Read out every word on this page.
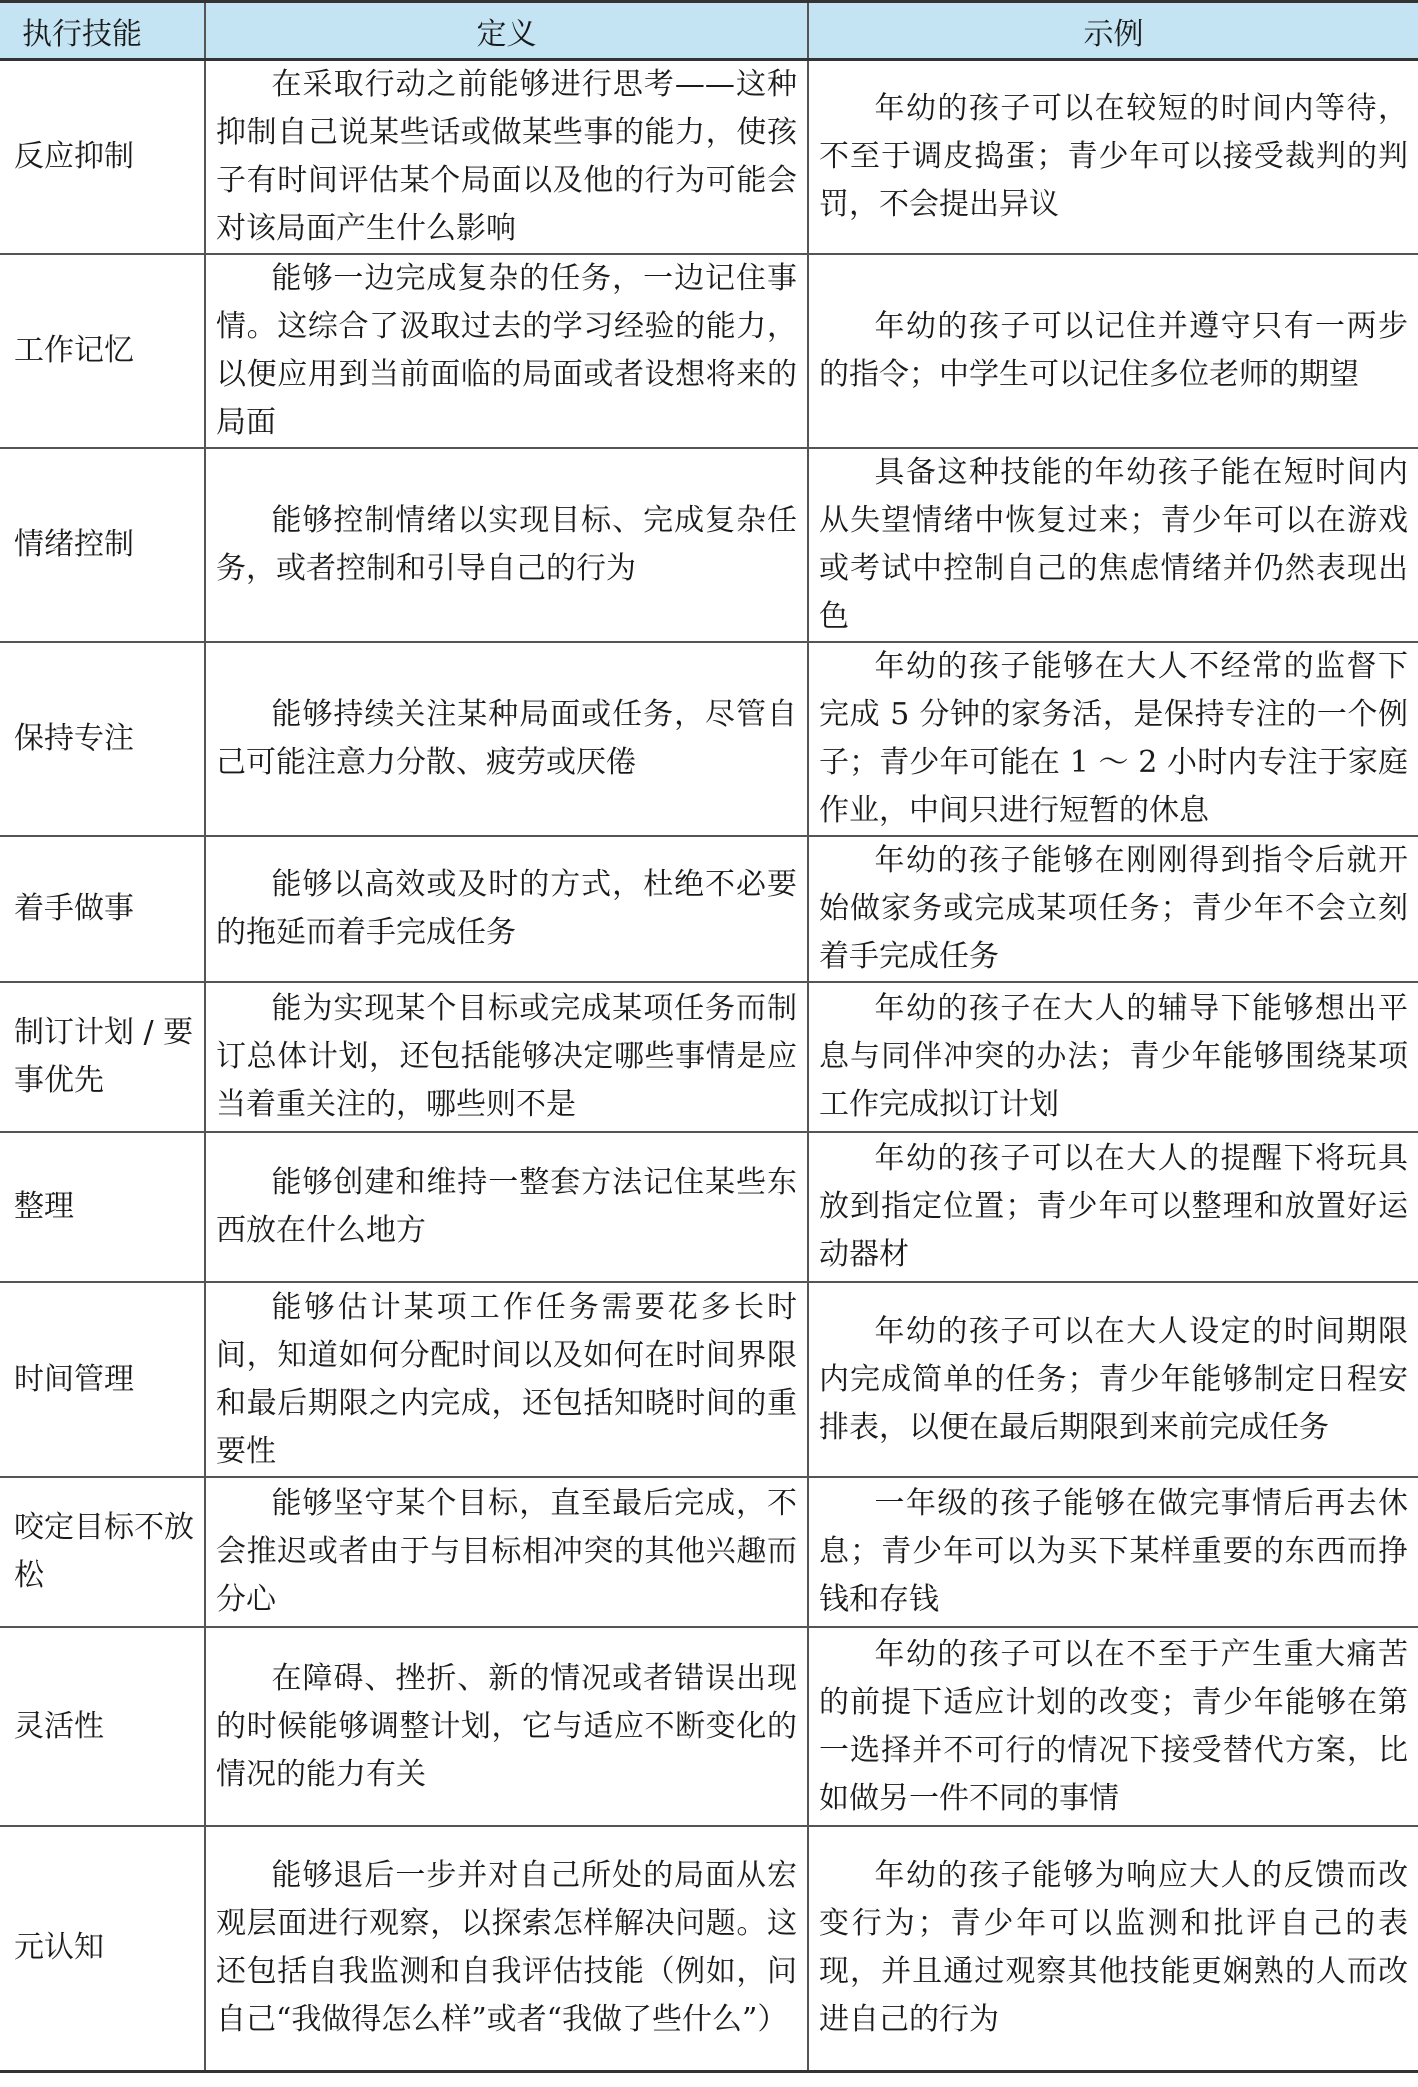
执行技能	定义	示例
反应抑制	在采取行动之前能够进行思考——这种抑制自己说某些话或做某些事的能力，使孩子有时间评估某个局面以及他的行为可能会对该局面产生什么影响	年幼的孩子可以在较短的时间内等待，不至于调皮捣蛋；青少年可以接受裁判的判罚，不会提出异议

工作记忆	能够一边完成复杂的任务，一边记住事情。这综合了汲取过去的学习经验的能力，以便应用到当前面临的局面或者设想将来的局面	年幼的孩子可以记住并遵守只有一两步的指令；中学生可以记住多位老师的期望

情绪控制	能够控制情绪以实现目标、完成复杂任务，或者控制和引导自己的行为	具备这种技能的年幼孩子能在短时间内从失望情绪中恢复过来；青少年可以在游戏或考试中控制自己的焦虑情绪并仍然表现出色

保持专注	能够持续关注某种局面或任务，尽管自己可能注意力分散、疲劳或厌倦	年幼的孩子能够在大人不经常的监督下完成 5 分钟的家务活，是保持专注的一个例子；青少年可能在 1 ～ 2 小时内专注于家庭作业，中间只进行短暂的休息

着手做事	能够以高效或及时的方式，杜绝不必要的拖延而着手完成任务	年幼的孩子能够在刚刚得到指令后就开始做家务或完成某项任务；青少年不会立刻着手完成任务

制订计划 / 要事优先	能为实现某个目标或完成某项任务而制订总体计划，还包括能够决定哪些事情是应当着重关注的，哪些则不是	年幼的孩子在大人的辅导下能够想出平息与同伴冲突的办法；青少年能够围绕某项工作完成拟订计划

整理	能够创建和维持一整套方法记住某些东西放在什么地方	年幼的孩子可以在大人的提醒下将玩具放到指定位置；青少年可以整理和放置好运动器材

时间管理	能够估计某项工作任务需要花多长时间，知道如何分配时间以及如何在时间界限和最后期限之内完成，还包括知晓时间的重要性	年幼的孩子可以在大人设定的时间期限内完成简单的任务；青少年能够制定日程安排表，以便在最后期限到来前完成任务

咬定目标不放松	能够坚守某个目标，直至最后完成，不会推迟或者由于与目标相冲突的其他兴趣而分心	一年级的孩子能够在做完事情后再去休息；青少年可以为买下某样重要的东西而挣钱和存钱

灵活性	在障碍、挫折、新的情况或者错误出现的时候能够调整计划，它与适应不断变化的情况的能力有关	年幼的孩子可以在不至于产生重大痛苦的前提下适应计划的改变；青少年能够在第一选择并不可行的情况下接受替代方案，比如做另一件不同的事情

元认知	能够退后一步并对自己所处的局面从宏观层面进行观察，以探索怎样解决问题。这还包括自我监测和自我评估技能（例如，问自己“我做得怎么样”或者“我做了些什么”）	年幼的孩子能够为响应大人的反馈而改变行为；青少年可以监测和批评自己的表现，并且通过观察其他技能更娴熟的人而改进自己的行为
